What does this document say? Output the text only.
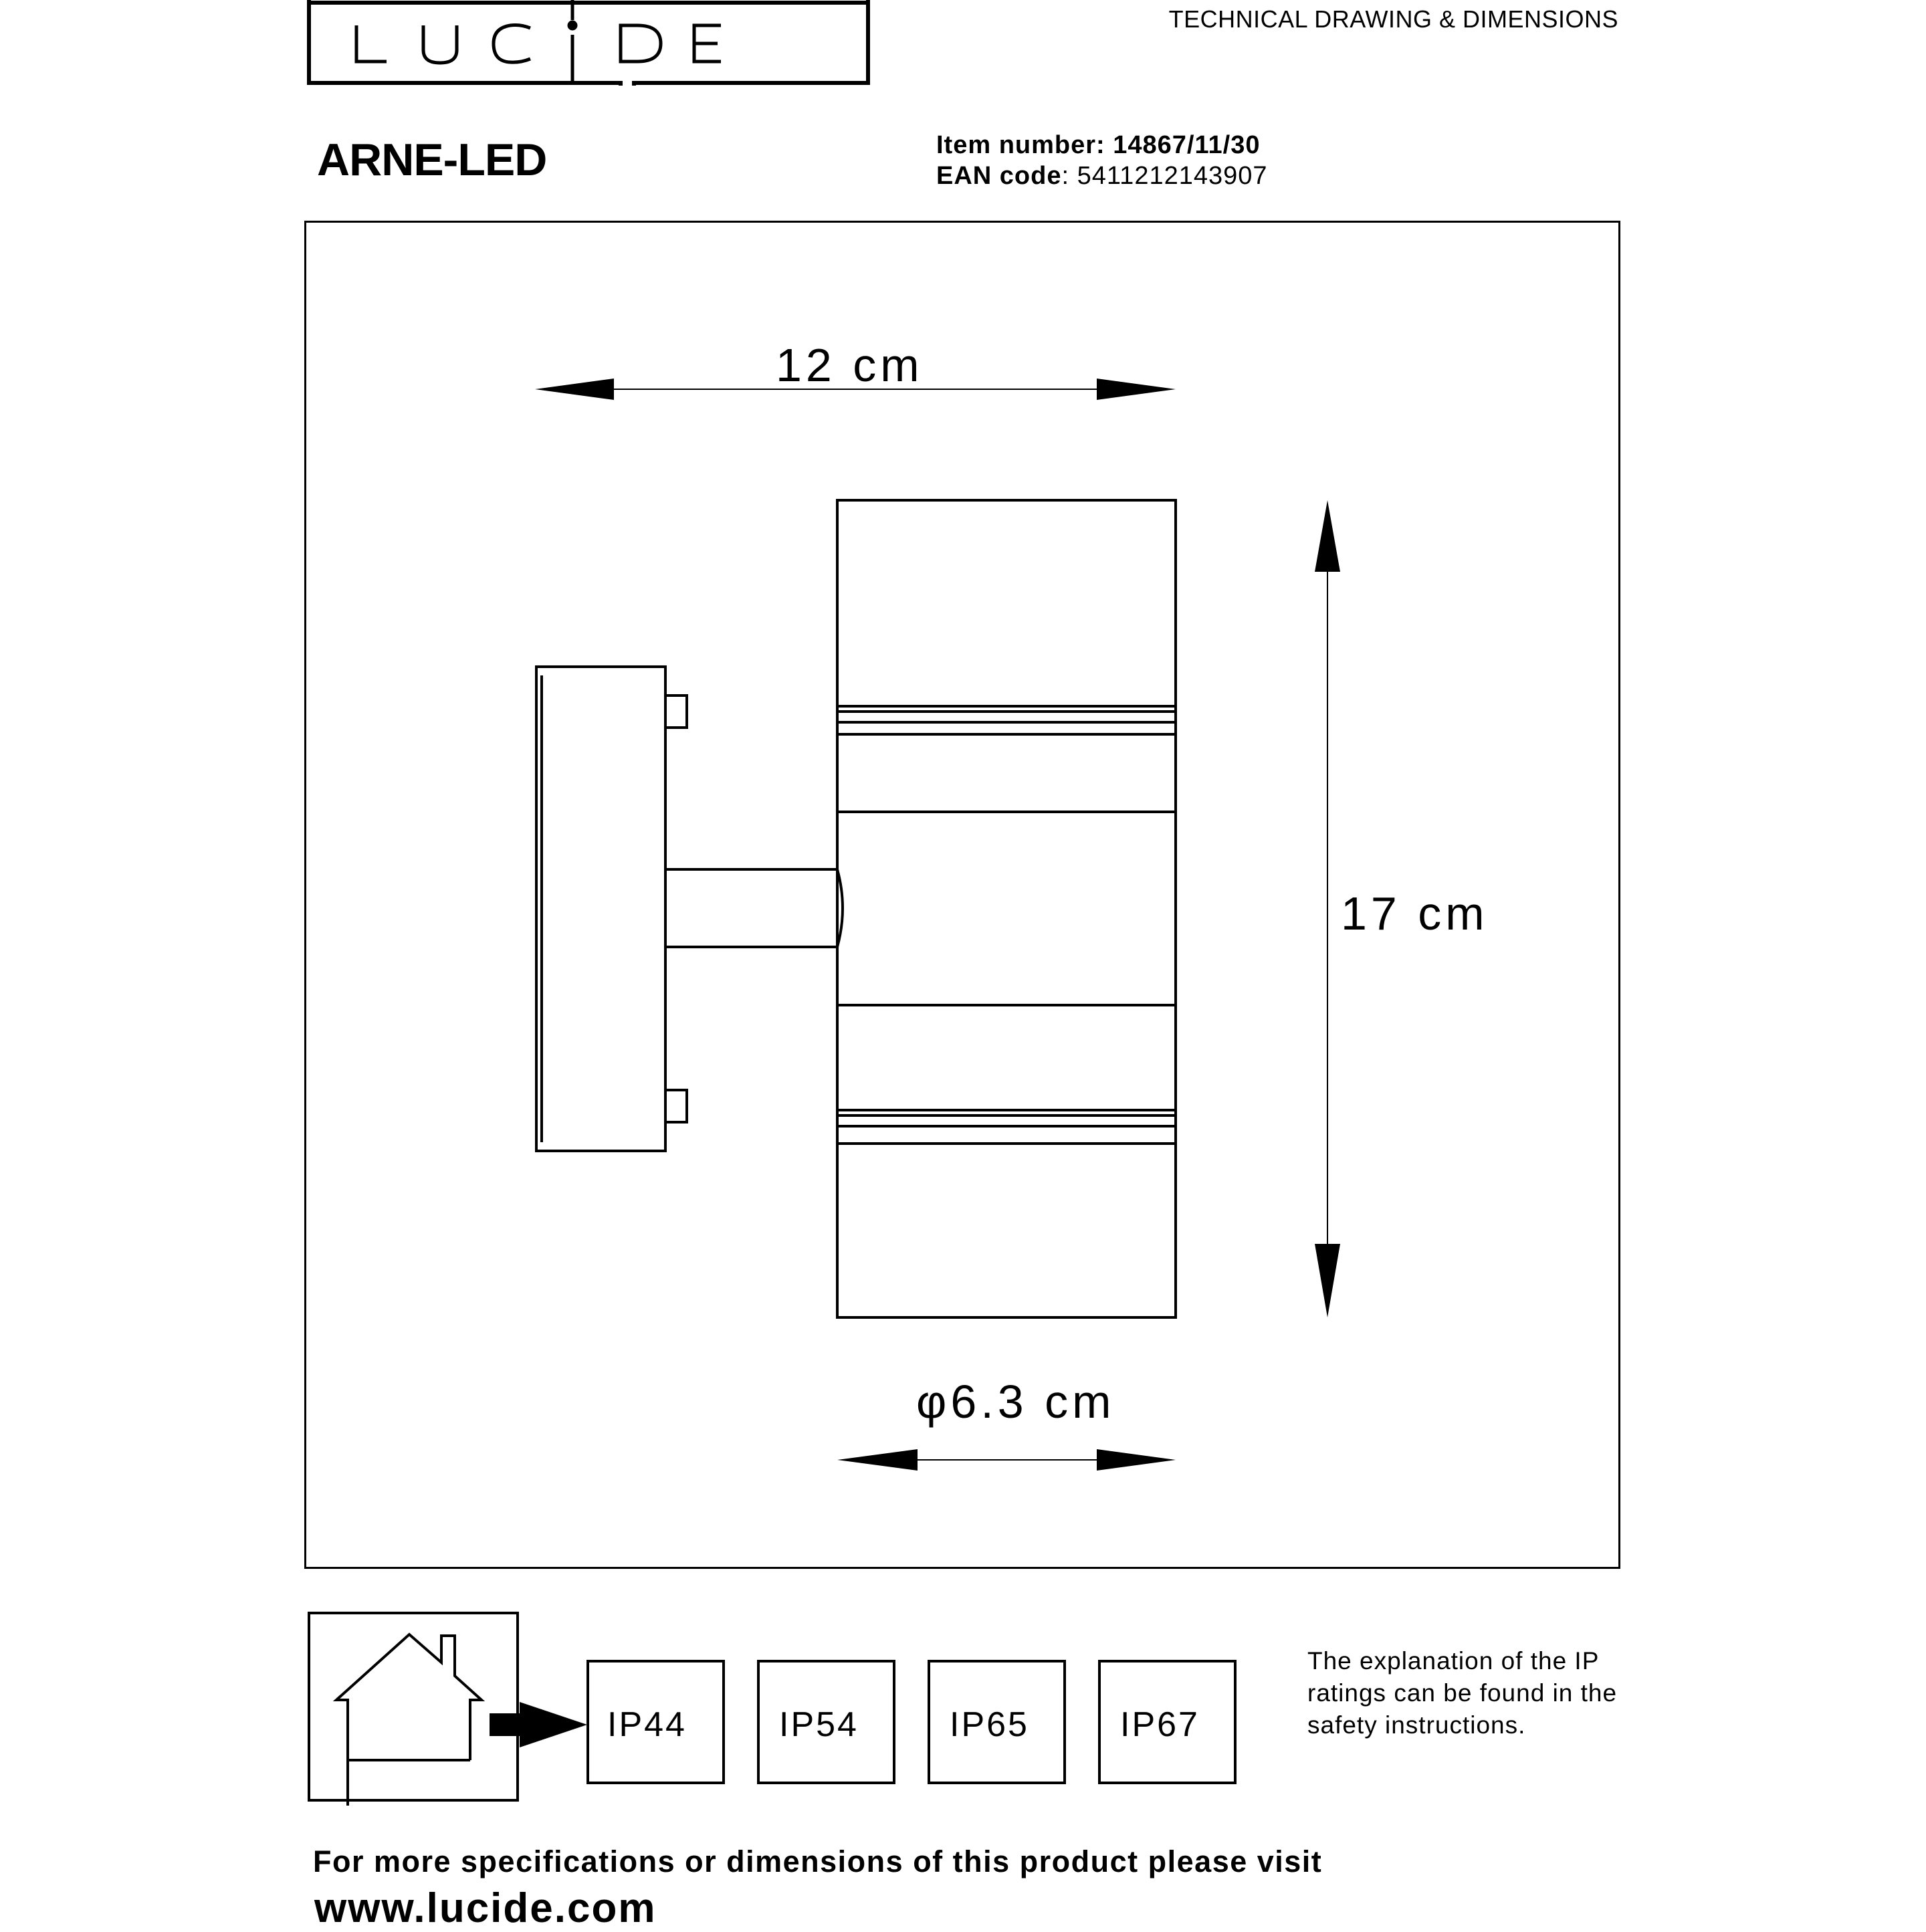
TECHNICAL DRAWING & DIMENSIONS
ARNE-LED	Item number: 14867/11/30
EAN code: 5411212143907
12 cm
17 cm
φ6.3 cm
IP44	IP54	IP65	IP67
The explanation of the IP ratings can be found in the safety instructions.
For more specifications or dimensions of this product please visit
www.lucide.com
